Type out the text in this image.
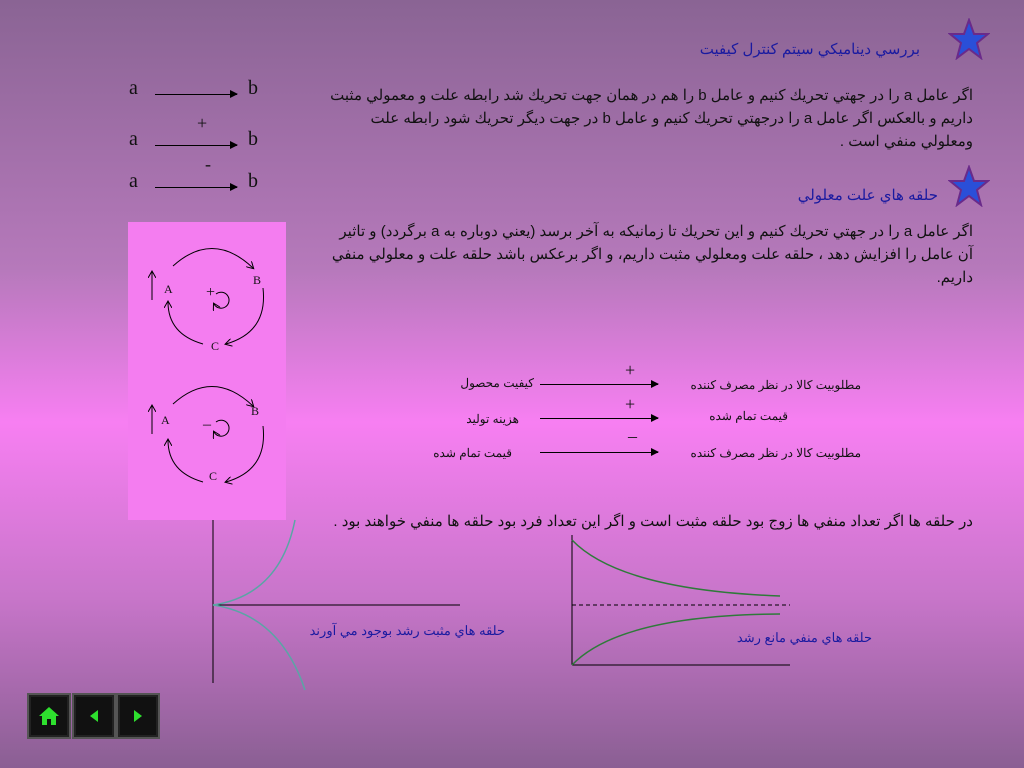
بررسي ديناميكي سيتم كنترل كيفيت
اگر عامل a را در جهتي تحريك كنيم و عامل b را هم در همان جهت تحريك شد رابطه علت و معمولي مثبت داريم و بالعكس اگر عامل a را درجهتي تحريك كنيم و عامل b در جهت ديگر تحريك شود رابطه علت ومعلولي منفي است .
a	b
+
a	b
-
a	b
حلقه هاي علت معلولي
اگر عامل a را در جهتي تحريك كنيم و اين تحريك تا زمانيكه به آخر برسد (يعني دوباره به a برگردد) و تاثير آن عامل را افزايش دهد ، حلقه علت ومعلولي مثبت داريم، و اگر برعكس باشد حلقه علت و معلولي منفي داريم.
A
B
C
+
A
B
C
–
كيفيت محصول
+
مطلوبيت كالا در نظر مصرف كننده
هزينه توليد
+
قيمت تمام شده
قيمت تمام شده
–
مطلوبيت كالا در نظر مصرف كننده
در حلقه ها اگر تعداد منفي ها زوج بود حلقه مثبت است و اگر اين تعداد فرد بود حلقه ها منفي خواهند بود .
حلقه هاي مثبت رشد بوجود مي آورند	حلقه هاي منفي مانع رشد
